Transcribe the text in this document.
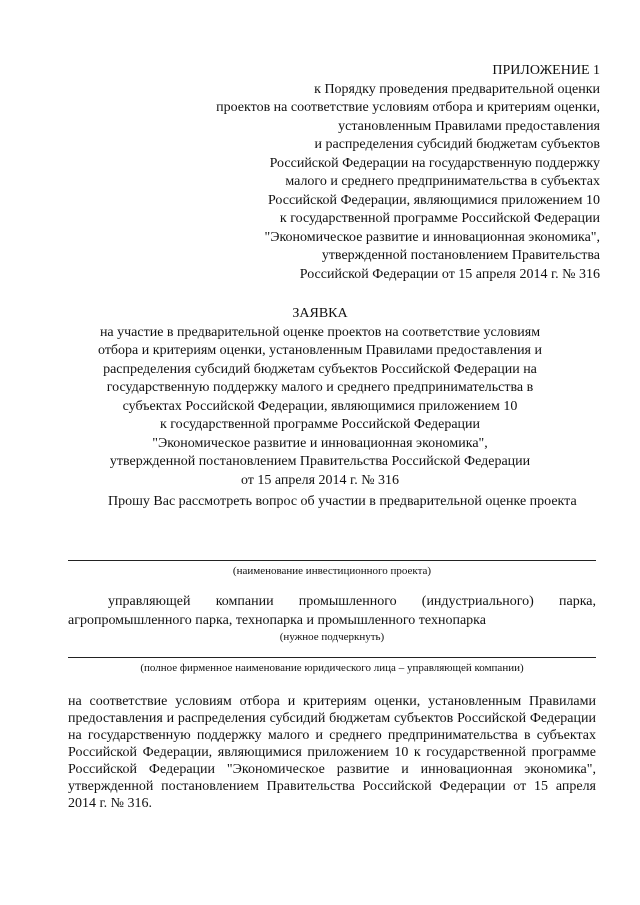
ПРИЛОЖЕНИЕ 1
к Порядку проведения предварительной оценки
проектов на соответствие условиям отбора и критериям оценки,
установленным Правилами предоставления
и распределения субсидий бюджетам субъектов
Российской Федерации на государственную поддержку
малого и среднего предпринимательства в субъектах
Российской Федерации, являющимися приложением 10
к государственной программе Российской Федерации
"Экономическое развитие и инновационная экономика",
утвержденной постановлением Правительства
Российской Федерации от 15 апреля 2014 г. № 316
ЗАЯВКА
на участие в предварительной оценке проектов на соответствие условиям
отбора и критериям оценки, установленным Правилами предоставления и
распределения субсидий бюджетам субъектов Российской Федерации на
государственную поддержку малого и среднего предпринимательства в
субъектах Российской Федерации, являющимися приложением 10
к государственной программе Российской Федерации
"Экономическое развитие и инновационная экономика",
утвержденной постановлением Правительства Российской Федерации
от 15 апреля 2014 г. № 316
Прошу Вас рассмотреть вопрос об участии в предварительной оценке проекта
(наименование инвестиционного проекта)
управляющей компании промышленного (индустриального) парка,
агропромышленного парка, технопарка и промышленного технопарка
(нужное подчеркнуть)
(полное фирменное наименование юридического лица – управляющей компании)
на соответствие условиям отбора и критериям оценки, установленным Правилами предоставления и распределения субсидий бюджетам субъектов Российской Федерации на государственную поддержку малого и среднего предпринимательства в субъектах Российской Федерации, являющимися приложением 10 к государственной программе Российской Федерации "Экономическое развитие и инновационная экономика", утвержденной постановлением Правительства Российской Федерации от 15 апреля 2014 г. № 316.
